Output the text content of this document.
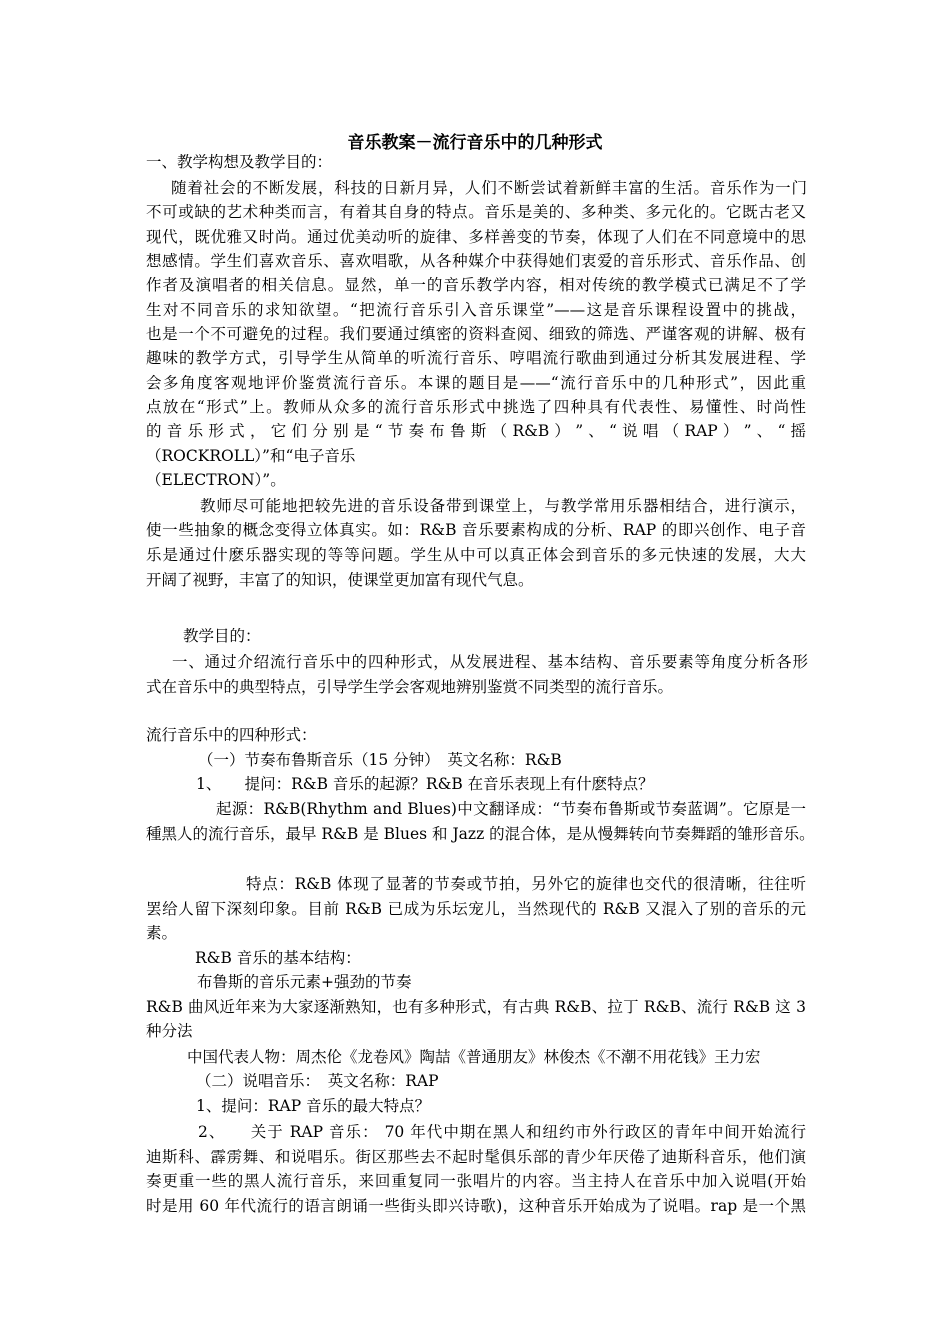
音乐教案－流行音乐中的几种形式
一、教学构想及教学目的：
随着社会的不断发展，科技的日新月异，人们不断尝试着新鲜丰富的生活。音乐作为一门
不可或缺的艺术种类而言，有着其自身的特点。音乐是美的、多种类、多元化的。它既古老又
现代，既优雅又时尚。通过优美动听的旋律、多样善变的节奏，体现了人们在不同意境中的思
想感情。学生们喜欢音乐、喜欢唱歌，从各种媒介中获得她们衷爱的音乐形式、音乐作品、创
作者及演唱者的相关信息。显然，单一的音乐教学内容，相对传统的教学模式已满足不了学
生对不同音乐的求知欲望。“把流行音乐引入音乐课堂”——这是音乐课程设置中的挑战，
也是一个不可避免的过程。我们要通过缜密的资料查阅、细致的筛选、严谨客观的讲解、极有
趣味的教学方式，引导学生从简单的听流行音乐、哼唱流行歌曲到通过分析其发展进程、学
会多角度客观地评价鉴赏流行音乐。本课的题目是——“流行音乐中的几种形式”，因此重
点放在“形式”上。教师从众多的流行音乐形式中挑选了四种具有代表性、易懂性、时尚性
的 音 乐 形 式 ， 它 们 分 别 是 “ 节 奏 布 鲁 斯 （ R&B ） ” 、 “ 说 唱 （ RAP ） ” 、 “ 摇
（ROCKROLL）”和“电子音乐
（ELECTRON）”。
教师尽可能地把较先进的音乐设备带到课堂上，与教学常用乐器相结合，进行演示，
使一些抽象的概念变得立体真实。如：R&B 音乐要素构成的分析、RAP 的即兴创作、电子音
乐是通过什麽乐器实现的等等问题。学生从中可以真正体会到音乐的多元快速的发展，大大
开阔了视野，丰富了的知识，使课堂更加富有现代气息。
教学目的：
一、通过介绍流行音乐中的四种形式，从发展进程、基本结构、音乐要素等角度分析各形
式在音乐中的典型特点，引导学生学会客观地辨别鉴赏不同类型的流行音乐。
流行音乐中的四种形式：
（一）节奏布鲁斯音乐（15 分钟）　英文名称：R&B
1、　　提问：R&B 音乐的起源？R&B 在音乐表现上有什麽特点？
起源：R&B(Rhythm and Blues)中文翻译成：“节奏布鲁斯或节奏蓝调”。它原是一
種黑人的流行音乐，最早 R&B 是 Blues 和 Jazz 的混合体，是从慢舞转向节奏舞蹈的雏形音乐。
特点：R&B 体现了显著的节奏或节拍，另外它的旋律也交代的很清晰，往往听
罢给人留下深刻印象。目前 R&B 已成为乐坛宠儿，当然现代的 R&B 又混入了别的音乐的元
素。
R&B 音乐的基本结构：
布鲁斯的音乐元素+强劲的节奏
R&B 曲风近年来为大家逐渐熟知，也有多种形式，有古典 R&B、拉丁 R&B、流行 R&B 这 3
种分法
中国代表人物：周杰伦《龙卷风》陶喆《普通朋友》林俊杰《不潮不用花钱》王力宏
（二）说唱音乐：　英文名称：RAP
1、提问：RAP 音乐的最大特点？
2、　　关于 RAP 音乐： 70 年代中期在黑人和纽约市外行政区的青年中间开始流行
迪斯科、霹雳舞、和说唱乐。街区那些去不起时髦俱乐部的青少年厌倦了迪斯科音乐，他们演
奏更重一些的黑人流行音乐，来回重复同一张唱片的内容。当主持人在音乐中加入说唱(开始
时是用 60 年代流行的语言朗诵一些街头即兴诗歌)，这种音乐开始成为了说唱。rap 是一个黑
